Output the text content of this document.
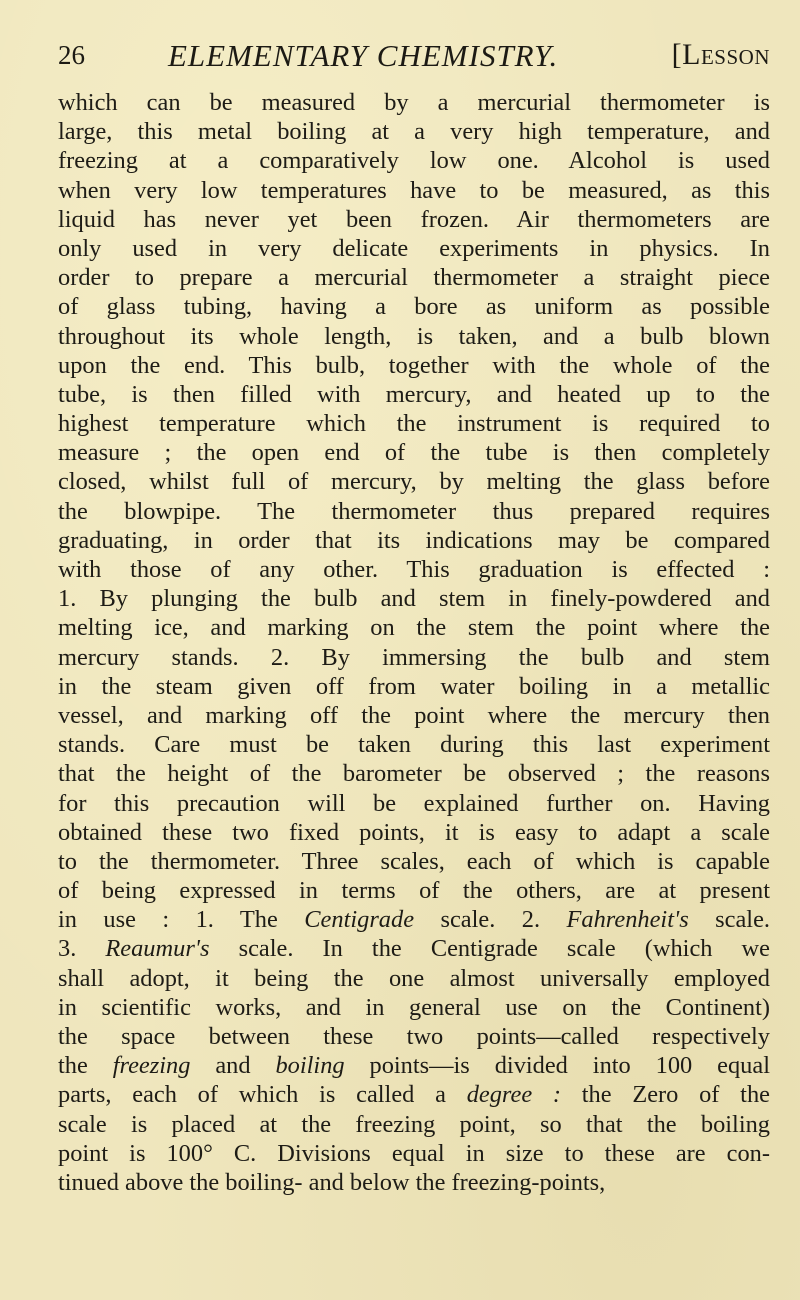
26	ELEMENTARY CHEMISTRY.	[Lesson
which can be measured by a mercurial thermometer is
large, this metal boiling at a very high temperature, and
freezing at a comparatively low one. Alcohol is used
when very low temperatures have to be measured, as this
liquid has never yet been frozen. Air thermometers are
only used in very delicate experiments in physics. In
order to prepare a mercurial thermometer a straight piece
of glass tubing, having a bore as uniform as possible
throughout its whole length, is taken, and a bulb blown
upon the end. This bulb, together with the whole of the
tube, is then filled with mercury, and heated up to the
highest temperature which the instrument is required to
measure ; the open end of the tube is then completely
closed, whilst full of mercury, by melting the glass before
the blowpipe. The thermometer thus prepared requires
graduating, in order that its indications may be compared
with those of any other. This graduation is effected :
1. By plunging the bulb and stem in finely-powdered and
melting ice, and marking on the stem the point where the
mercury stands. 2. By immersing the bulb and stem
in the steam given off from water boiling in a metallic
vessel, and marking off the point where the mercury then
stands. Care must be taken during this last experiment
that the height of the barometer be observed ; the reasons
for this precaution will be explained further on. Having
obtained these two fixed points, it is easy to adapt a scale
to the thermometer. Three scales, each of which is capable
of being expressed in terms of the others, are at present
in use : 1. The Centigrade scale. 2. Fahrenheit's scale.
3. Reaumur's scale. In the Centigrade scale (which we
shall adopt, it being the one almost universally employed
in scientific works, and in general use on the Continent)
the space between these two points—called respectively
the freezing and boiling points—is divided into 100 equal
parts, each of which is called a degree : the Zero of the
scale is placed at the freezing point, so that the boiling
point is 100° C. Divisions equal in size to these are con-
tinued above the boiling- and below the freezing-points,
